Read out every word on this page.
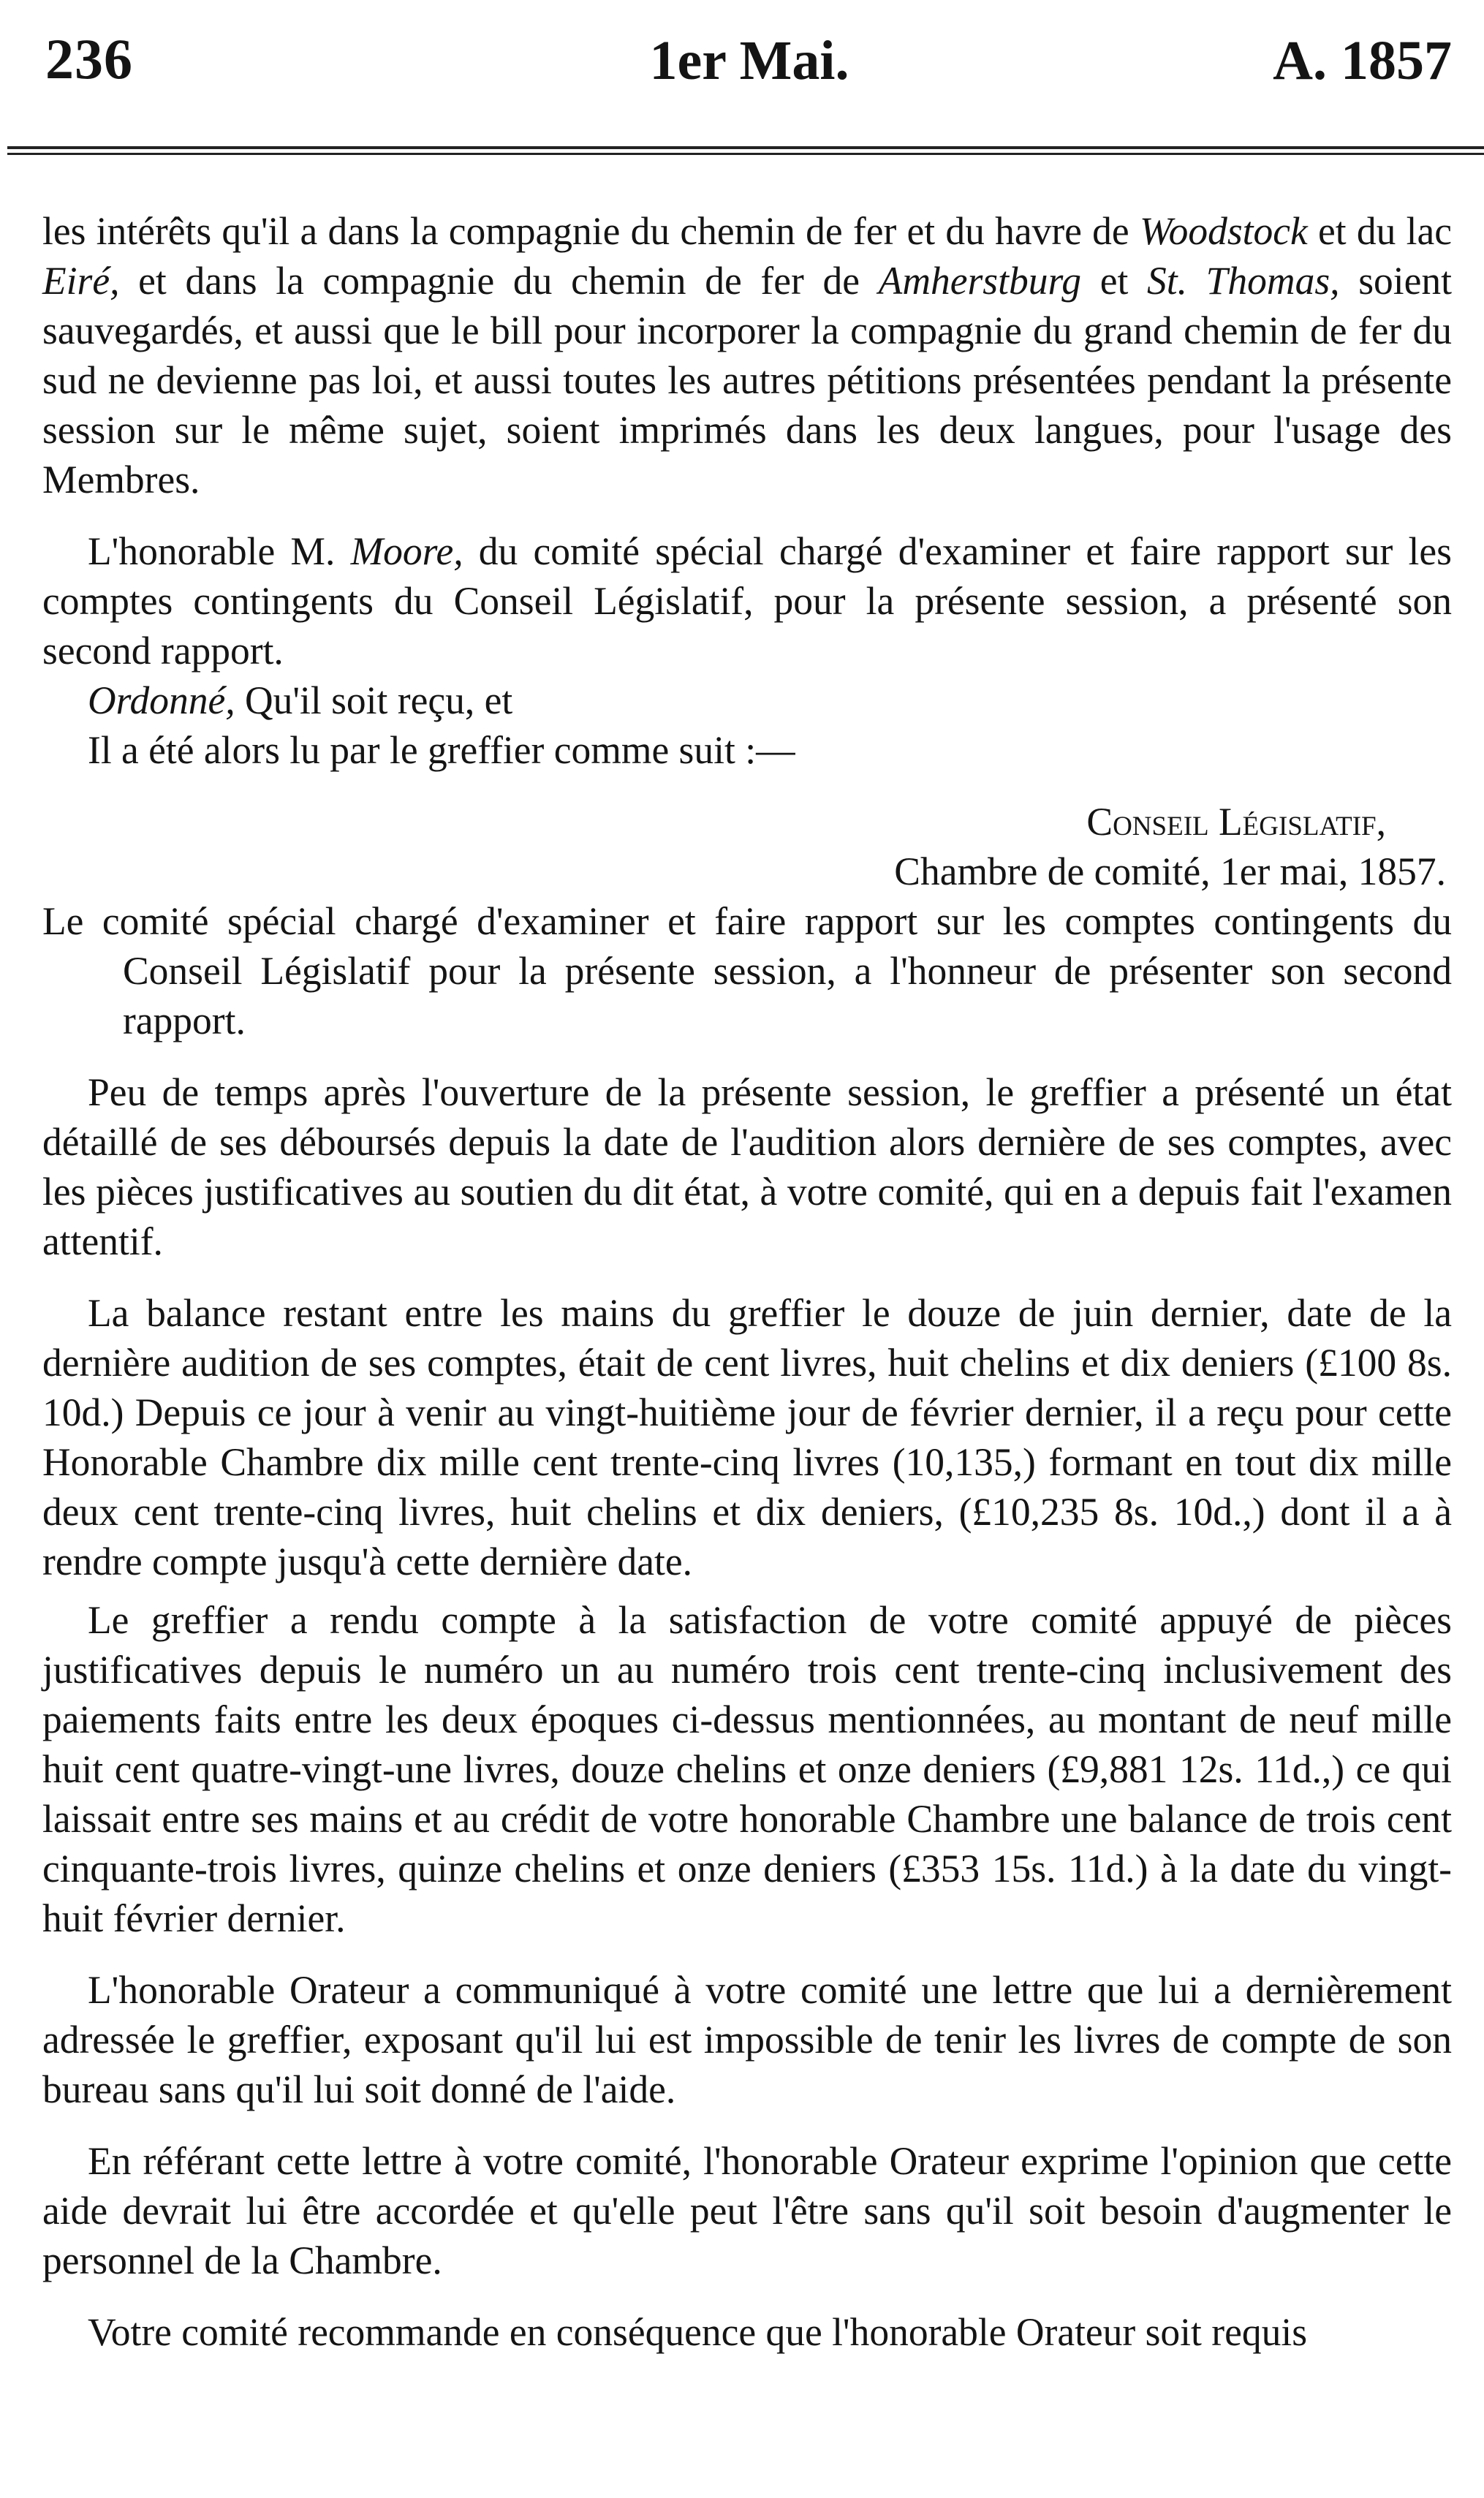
236	1er Mai.	A. 1857

les intérêts qu'il a dans la compagnie du chemin de fer et du havre de Woodstock et du lac Eiré, et dans la compagnie du chemin de fer de Amherstburg et St. Thomas, soient sauvegardés, et aussi que le bill pour incorporer la compagnie du grand chemin de fer du sud ne devienne pas loi, et aussi toutes les autres pétitions présentées pendant la présente session sur le même sujet, soient imprimés dans les deux langues, pour l'usage des Membres.

L'honorable M. Moore, du comité spécial chargé d'examiner et faire rapport sur les comptes contingents du Conseil Législatif, pour la présente session, a présenté son second rapport.

Ordonné, Qu'il soit reçu, et

Il a été alors lu par le greffier comme suit :—

Conseil Législatif,

Chambre de comité, 1er mai, 1857.

Le comité spécial chargé d'examiner et faire rapport sur les comptes contingents du Conseil Législatif pour la présente session, a l'honneur de présenter son second rapport.

Peu de temps après l'ouverture de la présente session, le greffier a présenté un état détaillé de ses déboursés depuis la date de l'audition alors dernière de ses comptes, avec les pièces justificatives au soutien du dit état, à votre comité, qui en a depuis fait l'examen attentif.

La balance restant entre les mains du greffier le douze de juin dernier, date de la dernière audition de ses comptes, était de cent livres, huit chelins et dix deniers (£100 8s. 10d.) Depuis ce jour à venir au vingt-huitième jour de février dernier, il a reçu pour cette Honorable Chambre dix mille cent trente-cinq livres (10,135,) formant en tout dix mille deux cent trente-cinq livres, huit chelins et dix deniers, (£10,235 8s. 10d.,) dont il a à rendre compte jusqu'à cette dernière date.

Le greffier a rendu compte à la satisfaction de votre comité appuyé de pièces justificatives depuis le numéro un au numéro trois cent trente-cinq inclusivement des paiements faits entre les deux époques ci-dessus mentionnées, au montant de neuf mille huit cent quatre-vingt-une livres, douze chelins et onze deniers (£9,881 12s. 11d.,) ce qui laissait entre ses mains et au crédit de votre honorable Chambre une balance de trois cent cinquante-trois livres, quinze chelins et onze deniers (£353 15s. 11d.) à la date du vingt-huit février dernier.

L'honorable Orateur a communiqué à votre comité une lettre que lui a dernièrement adressée le greffier, exposant qu'il lui est impossible de tenir les livres de compte de son bureau sans qu'il lui soit donné de l'aide.

En référant cette lettre à votre comité, l'honorable Orateur exprime l'opinion que cette aide devrait lui être accordée et qu'elle peut l'être sans qu'il soit besoin d'augmenter le personnel de la Chambre.

Votre comité recommande en conséquence que l'honorable Orateur soit requis
